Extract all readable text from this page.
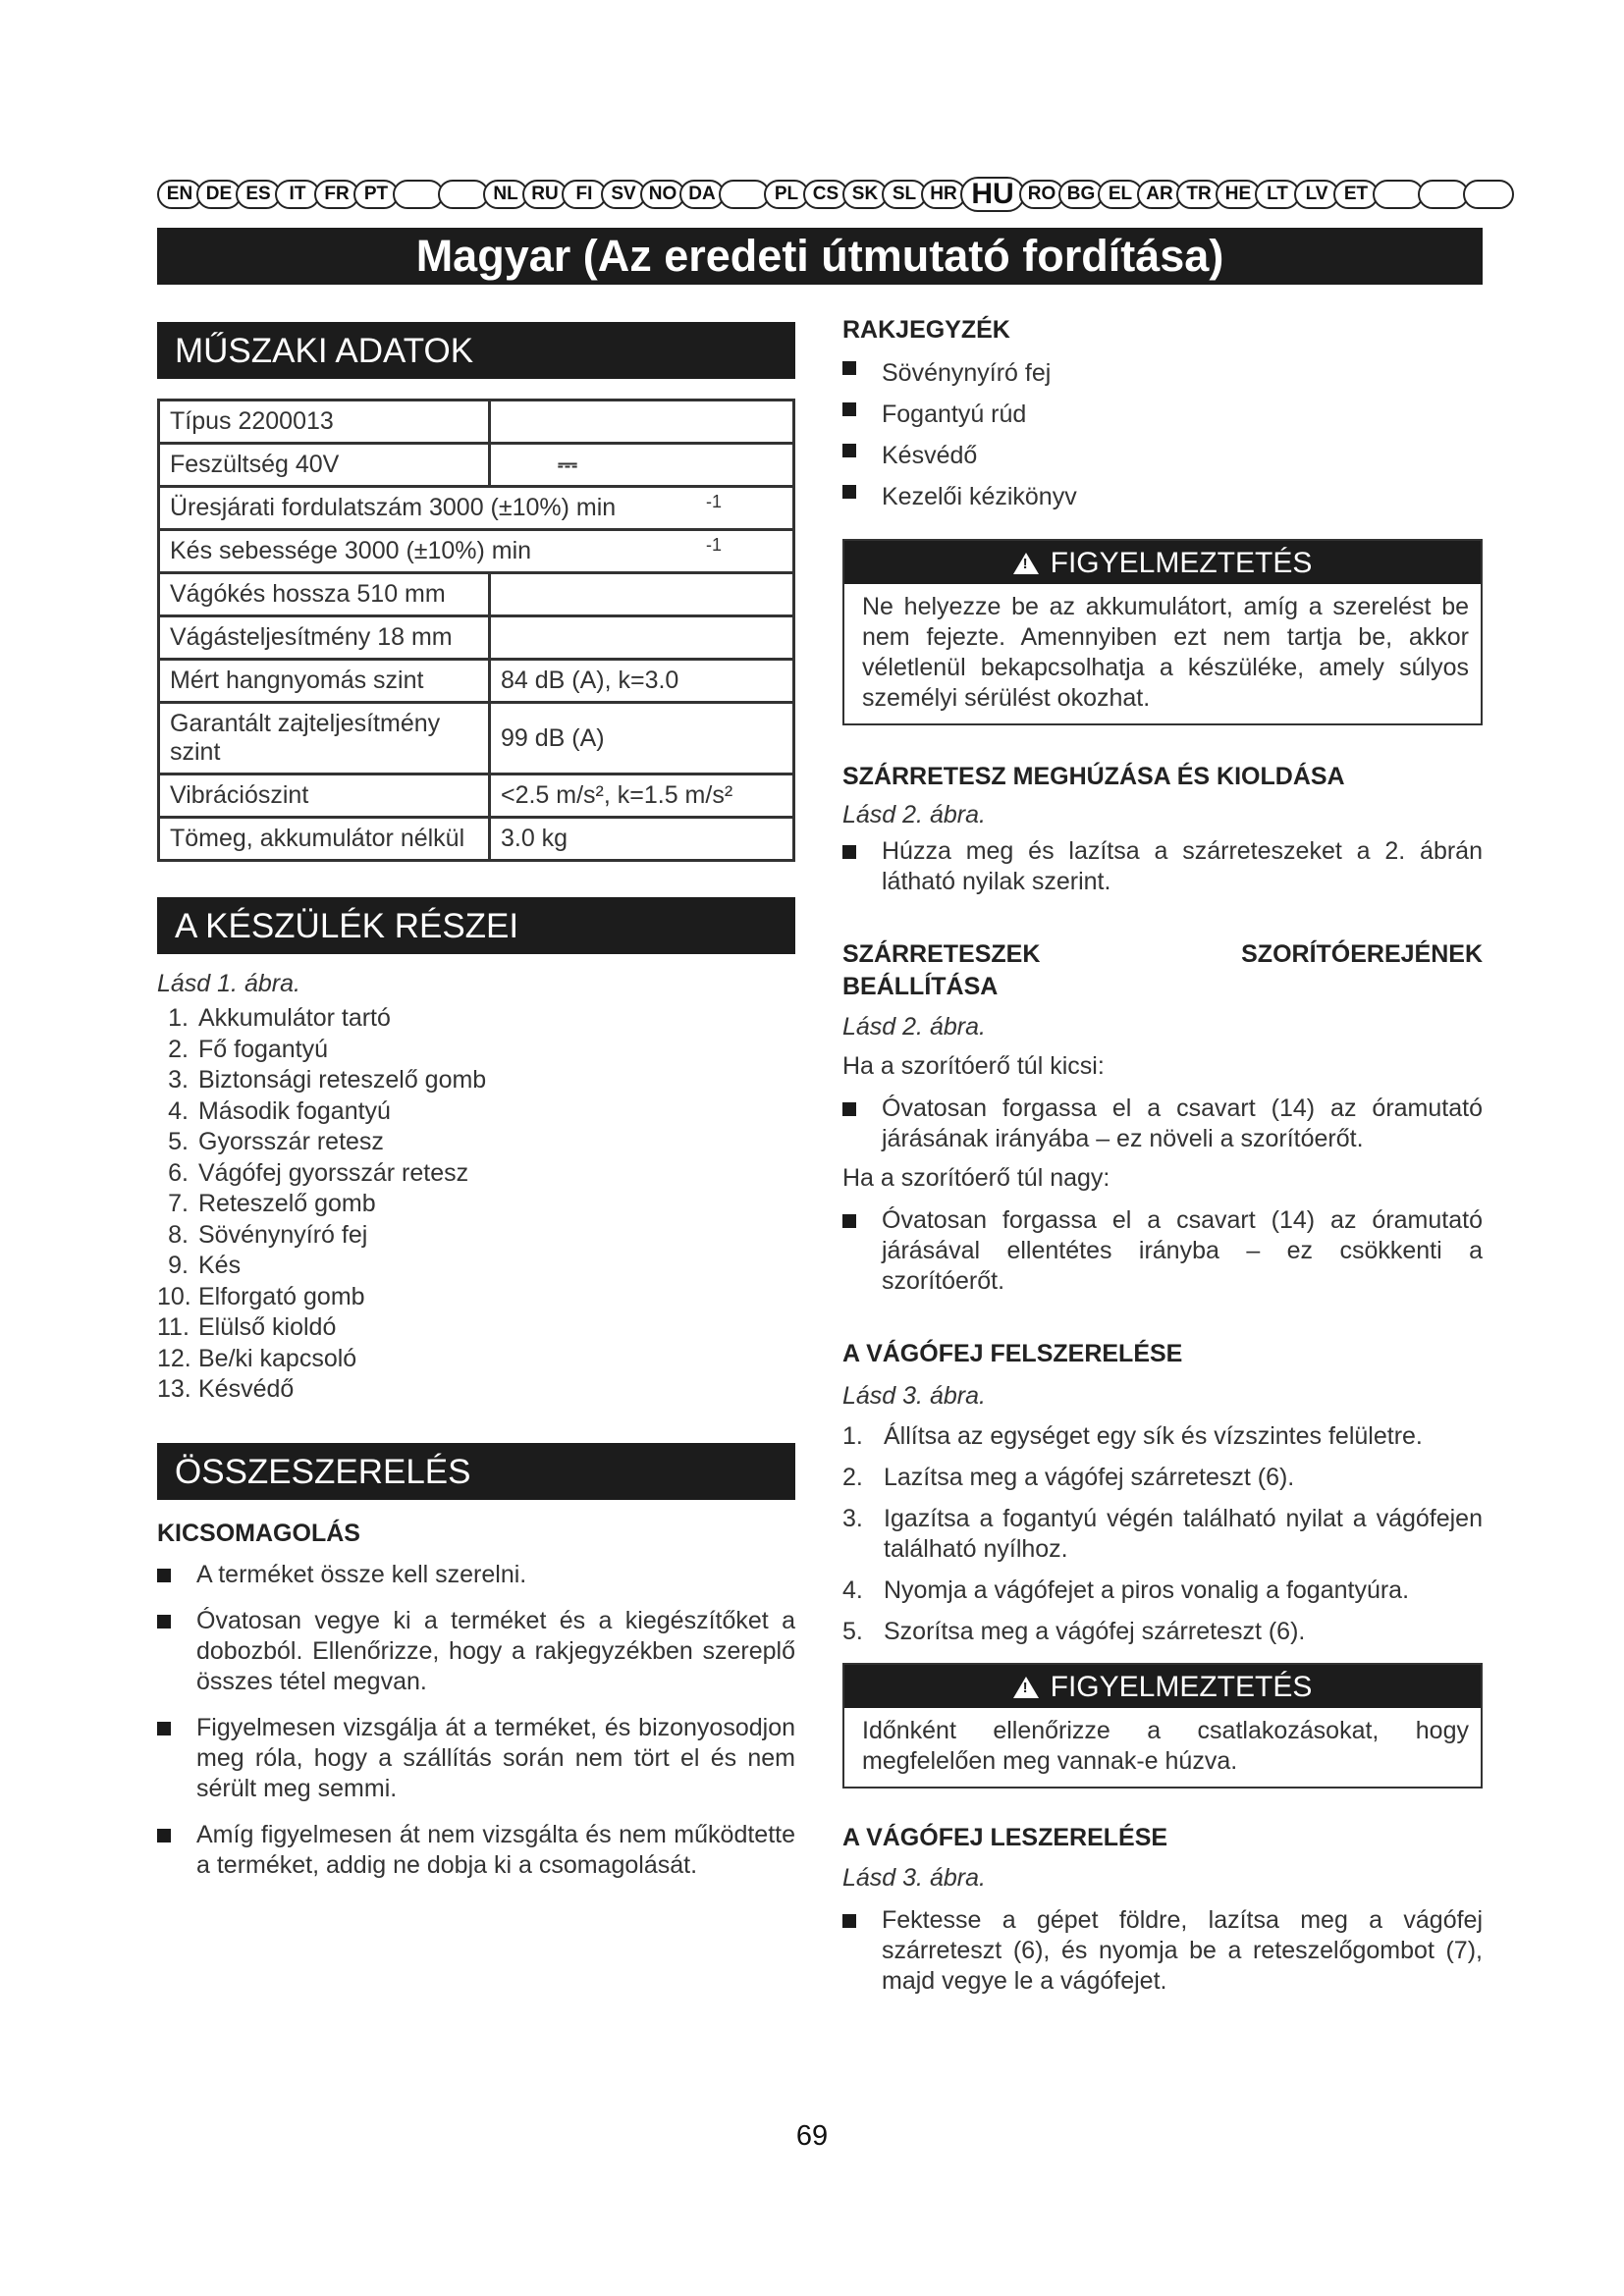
EN DE ES IT FR PT	NL RU FI SV NO DA	PL CS SK SL HR HU RO BG EL AR TR HE LT LV ET
Magyar (Az eredeti útmutató fordítása)
MŰSZAKI ADATOK
Típus 2200013	
Feszültség 40V	⎓
Üresjárati fordulatszám 3000 (±10%) min -1	

Kés sebessége 3000 (±10%) min -1	

Vágókés hossza 510 mm	
Vágásteljesítmény 18 mm	
Mért hangnyomás szint	84 dB (A), k=3.0
Garantált zajteljesítmény szint	99 dB (A)
Vibrációszint	<2.5 m/s², k=1.5 m/s²
Tömeg, akkumulátor nélkül	3.0 kg
A KÉSZÜLÉK RÉSZEI
Lásd 1. ábra.
1. Akkumulátor tartó
2. Fő fogantyú
3. Biztonsági reteszelő gomb
4. Második fogantyú
5. Gyorsszár retesz
6. Vágófej gyorsszár retesz
7. Reteszelő gomb
8. Sövénynyíró fej
9. Kés
10. Elforgató gomb
11. Elülső kioldó
12. Be/ki kapcsoló
13. Késvédő
ÖSSZESZERELÉS
KICSOMAGOLÁS
A terméket össze kell szerelni.
Óvatosan vegye ki a terméket és a kiegészítőket a dobozból. Ellenőrizze, hogy a rakjegyzékben szereplő összes tétel megvan.
Figyelmesen vizsgálja át a terméket, és bizonyosodjon meg róla, hogy a szállítás során nem tört el és nem sérült meg semmi.
Amíg figyelmesen át nem vizsgálta és nem működtette a terméket, addig ne dobja ki a csomagolását.
RAKJEGYZÉK
Sövénynyíró fej
Fogantyú rúd
Késvédő
Kezelői kézikönyv
!FIGYELMEZTETÉS
Ne helyezze be az akkumulátort, amíg a szerelést be nem fejezte. Amennyiben ezt nem tartja be, akkor véletlenül bekapcsolhatja a készüléke, amely súlyos személyi sérülést okozhat.
SZÁRRETESZ MEGHÚZÁSA ÉS KIOLDÁSA
Lásd 2. ábra.
Húzza meg és lazítsa a szárreteszeket a 2. ábrán látható nyilak szerint.
SZÁRRETESZEK	SZORÍTÓEREJÉNEK
BEÁLLÍTÁSA
Lásd 2. ábra.
Ha a szorítóerő túl kicsi:
Óvatosan forgassa el a csavart (14) az óramutató járásának irányába – ez növeli a szorítóerőt.
Ha a szorítóerő túl nagy:
Óvatosan forgassa el a csavart (14) az óramutató járásával ellentétes irányba – ez csökkenti a szorítóerőt.
A VÁGÓFEJ FELSZERELÉSE
Lásd 3. ábra.
1. Állítsa az egységet egy sík és vízszintes felületre.
2. Lazítsa meg a vágófej szárreteszt (6).
3. Igazítsa a fogantyú végén található nyilat a vágófejen található nyílhoz.
4. Nyomja a vágófejet a piros vonalig a fogantyúra.
5. Szorítsa meg a vágófej szárreteszt (6).
!FIGYELMEZTETÉS
Időnként ellenőrizze a csatlakozásokat, hogy megfelelően meg vannak-e húzva.
A VÁGÓFEJ LESZERELÉSE
Lásd 3. ábra.
Fektesse a gépet földre, lazítsa meg a vágófej szárreteszt (6), és nyomja be a reteszelőgombot (7), majd vegye le a vágófejet.
69
